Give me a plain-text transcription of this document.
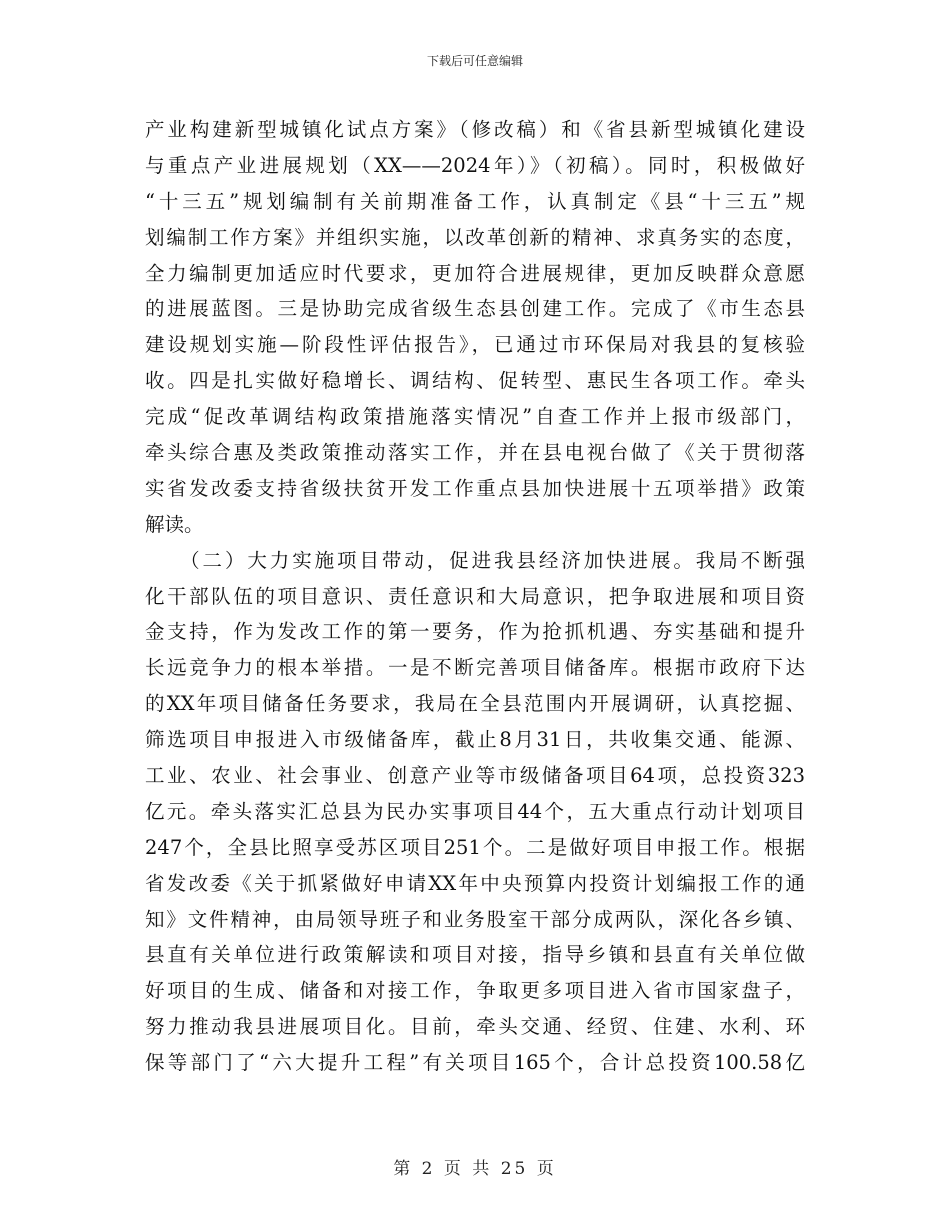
下载后可任意编辑
产业构建新型城镇化试点方案》（修改稿）和《省县新型城镇化建设
与重点产业进展规划（XX——2024年）》（初稿）。同时，积极做好
“十三五”规划编制有关前期准备工作，认真制定《县“十三五”规
划编制工作方案》并组织实施，以改革创新的精神、求真务实的态度，
全力编制更加适应时代要求，更加符合进展规律，更加反映群众意愿
的进展蓝图。三是协助完成省级生态县创建工作。完成了《市生态县
建设规划实施—阶段性评估报告》，已通过市环保局对我县的复核验
收。四是扎实做好稳增长、调结构、促转型、惠民生各项工作。牵头
完成“促改革调结构政策措施落实情况”自查工作并上报市级部门，
牵头综合惠及类政策推动落实工作，并在县电视台做了《关于贯彻落
实省发改委支持省级扶贫开发工作重点县加快进展十五项举措》政策
解读。
　　（二）大力实施项目带动，促进我县经济加快进展。我局不断强
化干部队伍的项目意识、责任意识和大局意识，把争取进展和项目资
金支持，作为发改工作的第一要务，作为抢抓机遇、夯实基础和提升
长远竞争力的根本举措。一是不断完善项目储备库。根据市政府下达
的XX年项目储备任务要求，我局在全县范围内开展调研，认真挖掘、
筛选项目申报进入市级储备库，截止8月31日，共收集交通、能源、
工业、农业、社会事业、创意产业等市级储备项目64项，总投资323
亿元。牵头落实汇总县为民办实事项目44个，五大重点行动计划项目
247个，全县比照享受苏区项目251个。二是做好项目申报工作。根据
省发改委《关于抓紧做好申请XX年中央预算内投资计划编报工作的通
知》文件精神，由局领导班子和业务股室干部分成两队，深化各乡镇、
县直有关单位进行政策解读和项目对接，指导乡镇和县直有关单位做
好项目的生成、储备和对接工作，争取更多项目进入省市国家盘子，
努力推动我县进展项目化。目前，牵头交通、经贸、住建、水利、环
保等部门了“六大提升工程”有关项目165个，合计总投资100.58亿
第 2 页 共 25 页
